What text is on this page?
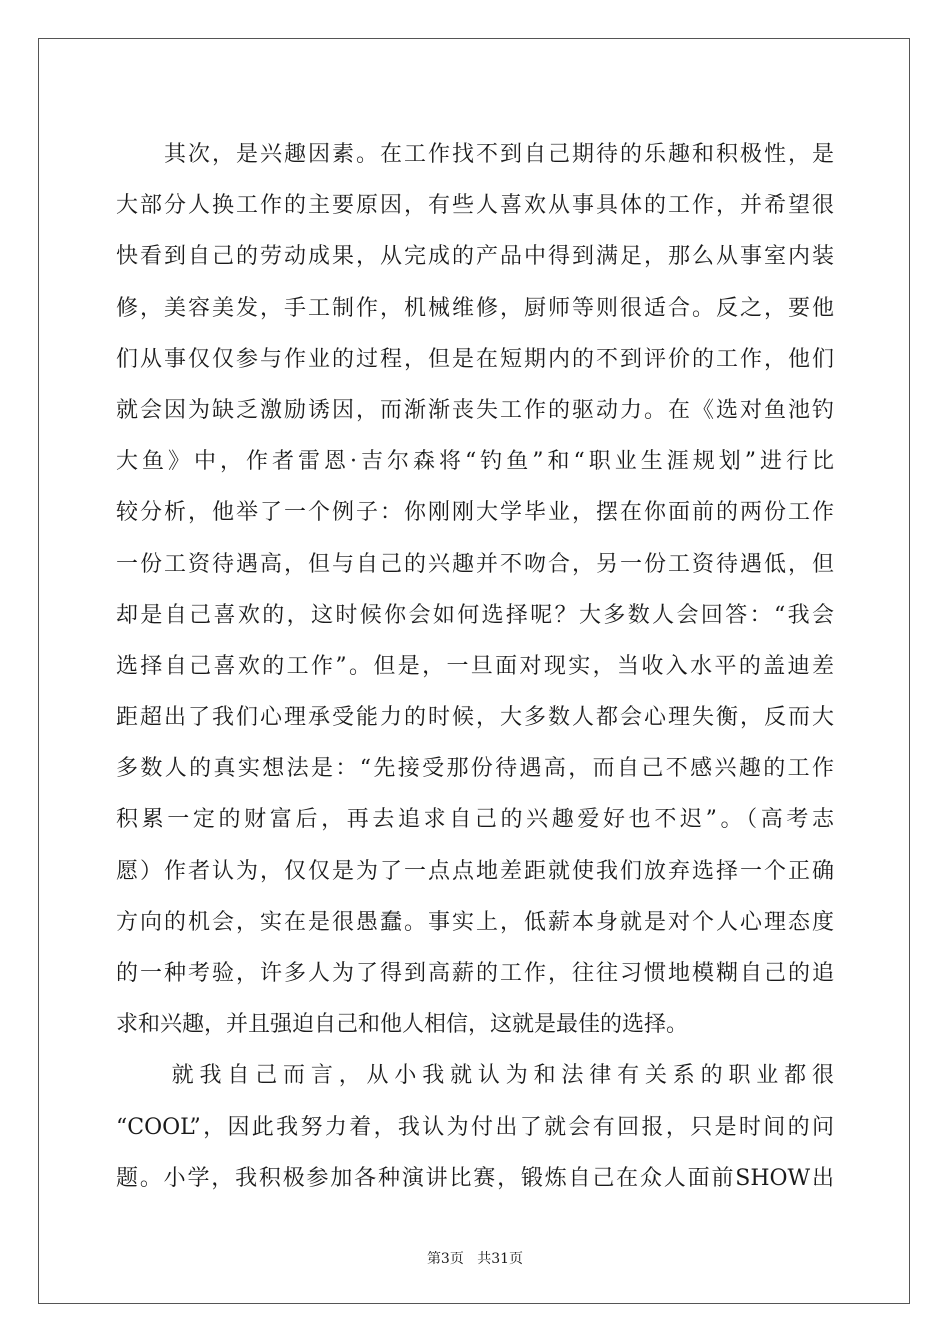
　　其次，是兴趣因素。在工作找不到自己期待的乐趣和积极性，是
大部分人换工作的主要原因，有些人喜欢从事具体的工作，并希望很
快看到自己的劳动成果，从完成的产品中得到满足，那么从事室内装
修，美容美发，手工制作，机械维修，厨师等则很适合。反之，要他
们从事仅仅参与作业的过程，但是在短期内的不到评价的工作，他们
就会因为缺乏激励诱因，而渐渐丧失工作的驱动力。在《选对鱼池钓
大鱼》中，作者雷恩·吉尔森将“钓鱼”和“职业生涯规划”进行比
较分析，他举了一个例子：你刚刚大学毕业，摆在你面前的两份工作
一份工资待遇高，但与自己的兴趣并不吻合，另一份工资待遇低，但
却是自己喜欢的，这时候你会如何选择呢？大多数人会回答：“我会
选择自己喜欢的工作”。但是，一旦面对现实，当收入水平的盖迪差
距超出了我们心理承受能力的时候，大多数人都会心理失衡，反而大
多数人的真实想法是：“先接受那份待遇高，而自己不感兴趣的工作
积累一定的财富后，再去追求自己的兴趣爱好也不迟”。（高考志
愿）作者认为，仅仅是为了一点点地差距就使我们放弃选择一个正确
方向的机会，实在是很愚蠢。事实上，低薪本身就是对个人心理态度
的一种考验，许多人为了得到高薪的工作，往往习惯地模糊自己的追
求和兴趣，并且强迫自己和他人相信，这就是最佳的选择。
　　就我自己而言，从小我就认为和法律有关系的职业都很
“COOL”，因此我努力着，我认为付出了就会有回报，只是时间的问
题。小学，我积极参加各种演讲比赛，锻炼自己在众人面前SHOW出
第3页 共31页
